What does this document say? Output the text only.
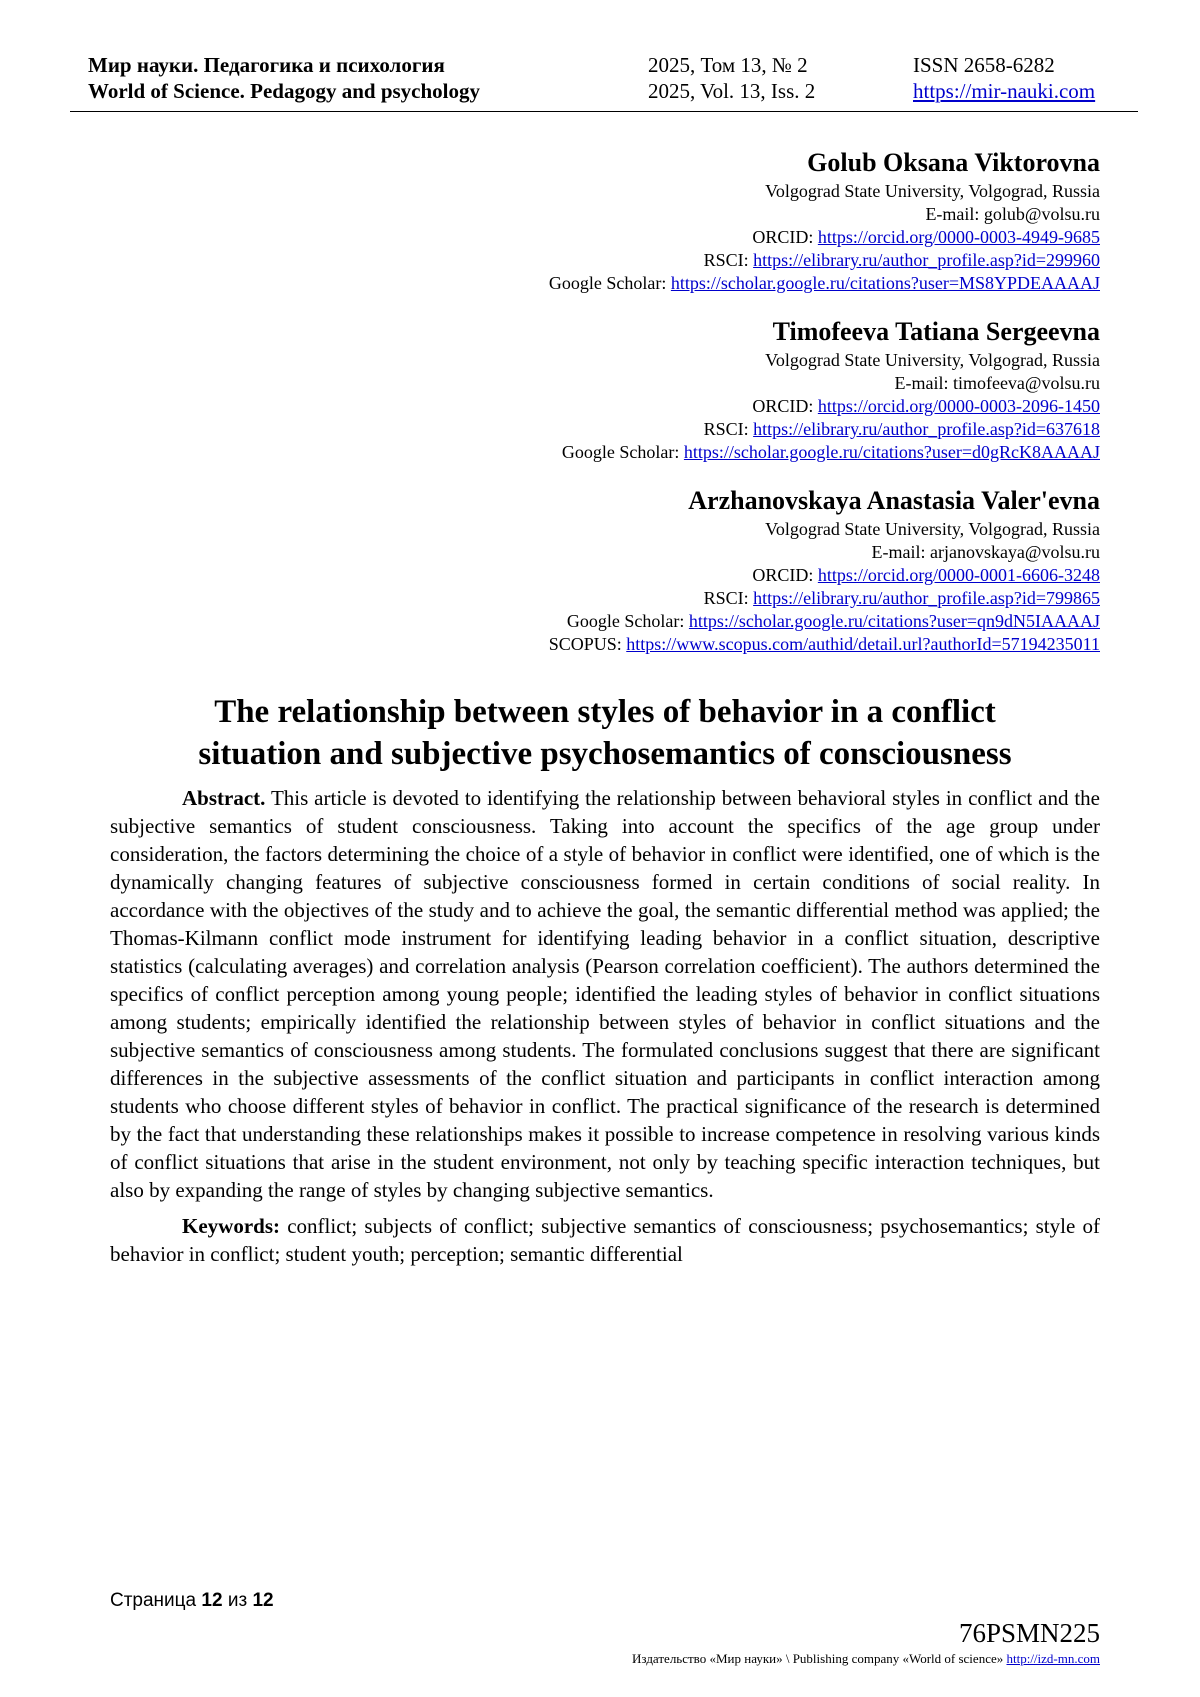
Мир науки. Педагогика и психология	2025, Том 13, № 2	ISSN 2658-6282
World of Science. Pedagogy and psychology	2025, Vol. 13, Iss. 2	https://mir-nauki.com
Golub Oksana Viktorovna
Volgograd State University, Volgograd, Russia
E-mail: golub@volsu.ru
ORCID: https://orcid.org/0000-0003-4949-9685
RSCI: https://elibrary.ru/author_profile.asp?id=299960
Google Scholar: https://scholar.google.ru/citations?user=MS8YPDEAAAAJ
Timofeeva Tatiana Sergeevna
Volgograd State University, Volgograd, Russia
E-mail: timofeeva@volsu.ru
ORCID: https://orcid.org/0000-0003-2096-1450
RSCI: https://elibrary.ru/author_profile.asp?id=637618
Google Scholar: https://scholar.google.ru/citations?user=d0gRcK8AAAAJ
Arzhanovskaya Anastasia Valer'evna
Volgograd State University, Volgograd, Russia
E-mail: arjanovskaya@volsu.ru
ORCID: https://orcid.org/0000-0001-6606-3248
RSCI: https://elibrary.ru/author_profile.asp?id=799865
Google Scholar: https://scholar.google.ru/citations?user=qn9dN5IAAAAJ
SCOPUS: https://www.scopus.com/authid/detail.url?authorId=57194235011
The relationship between styles of behavior in a conflict
situation and subjective psychosemantics of consciousness

Abstract. This article is devoted to identifying the relationship between behavioral styles in conflict and the subjective semantics of student consciousness. Taking into account the specifics of the age group under consideration, the factors determining the choice of a style of behavior in conflict were identified, one of which is the dynamically changing features of subjective consciousness formed in certain conditions of social reality. In accordance with the objectives of the study and to achieve the goal, the semantic differential method was applied; the Thomas-Kilmann conflict mode instrument for identifying leading behavior in a conflict situation, descriptive statistics (calculating averages) and correlation analysis (Pearson correlation coefficient). The authors determined the specifics of conflict perception among young people; identified the leading styles of behavior in conflict situations among students; empirically identified the relationship between styles of behavior in conflict situations and the subjective semantics of consciousness among students. The formulated conclusions suggest that there are significant differences in the subjective assessments of the conflict situation and participants in conflict interaction among students who choose different styles of behavior in conflict. The practical significance of the research is determined by the fact that understanding these relationships makes it possible to increase competence in resolving various kinds of conflict situations that arise in the student environment, not only by teaching specific interaction techniques, but also by expanding the range of styles by changing subjective semantics.

Keywords: conflict; subjects of conflict; subjective semantics of consciousness; psychosemantics; style of behavior in conflict; student youth; perception; semantic differential

Страница 12 из 12
76PSMN225
Издательство «Мир науки» \ Publishing company «World of science» http://izd-mn.com
